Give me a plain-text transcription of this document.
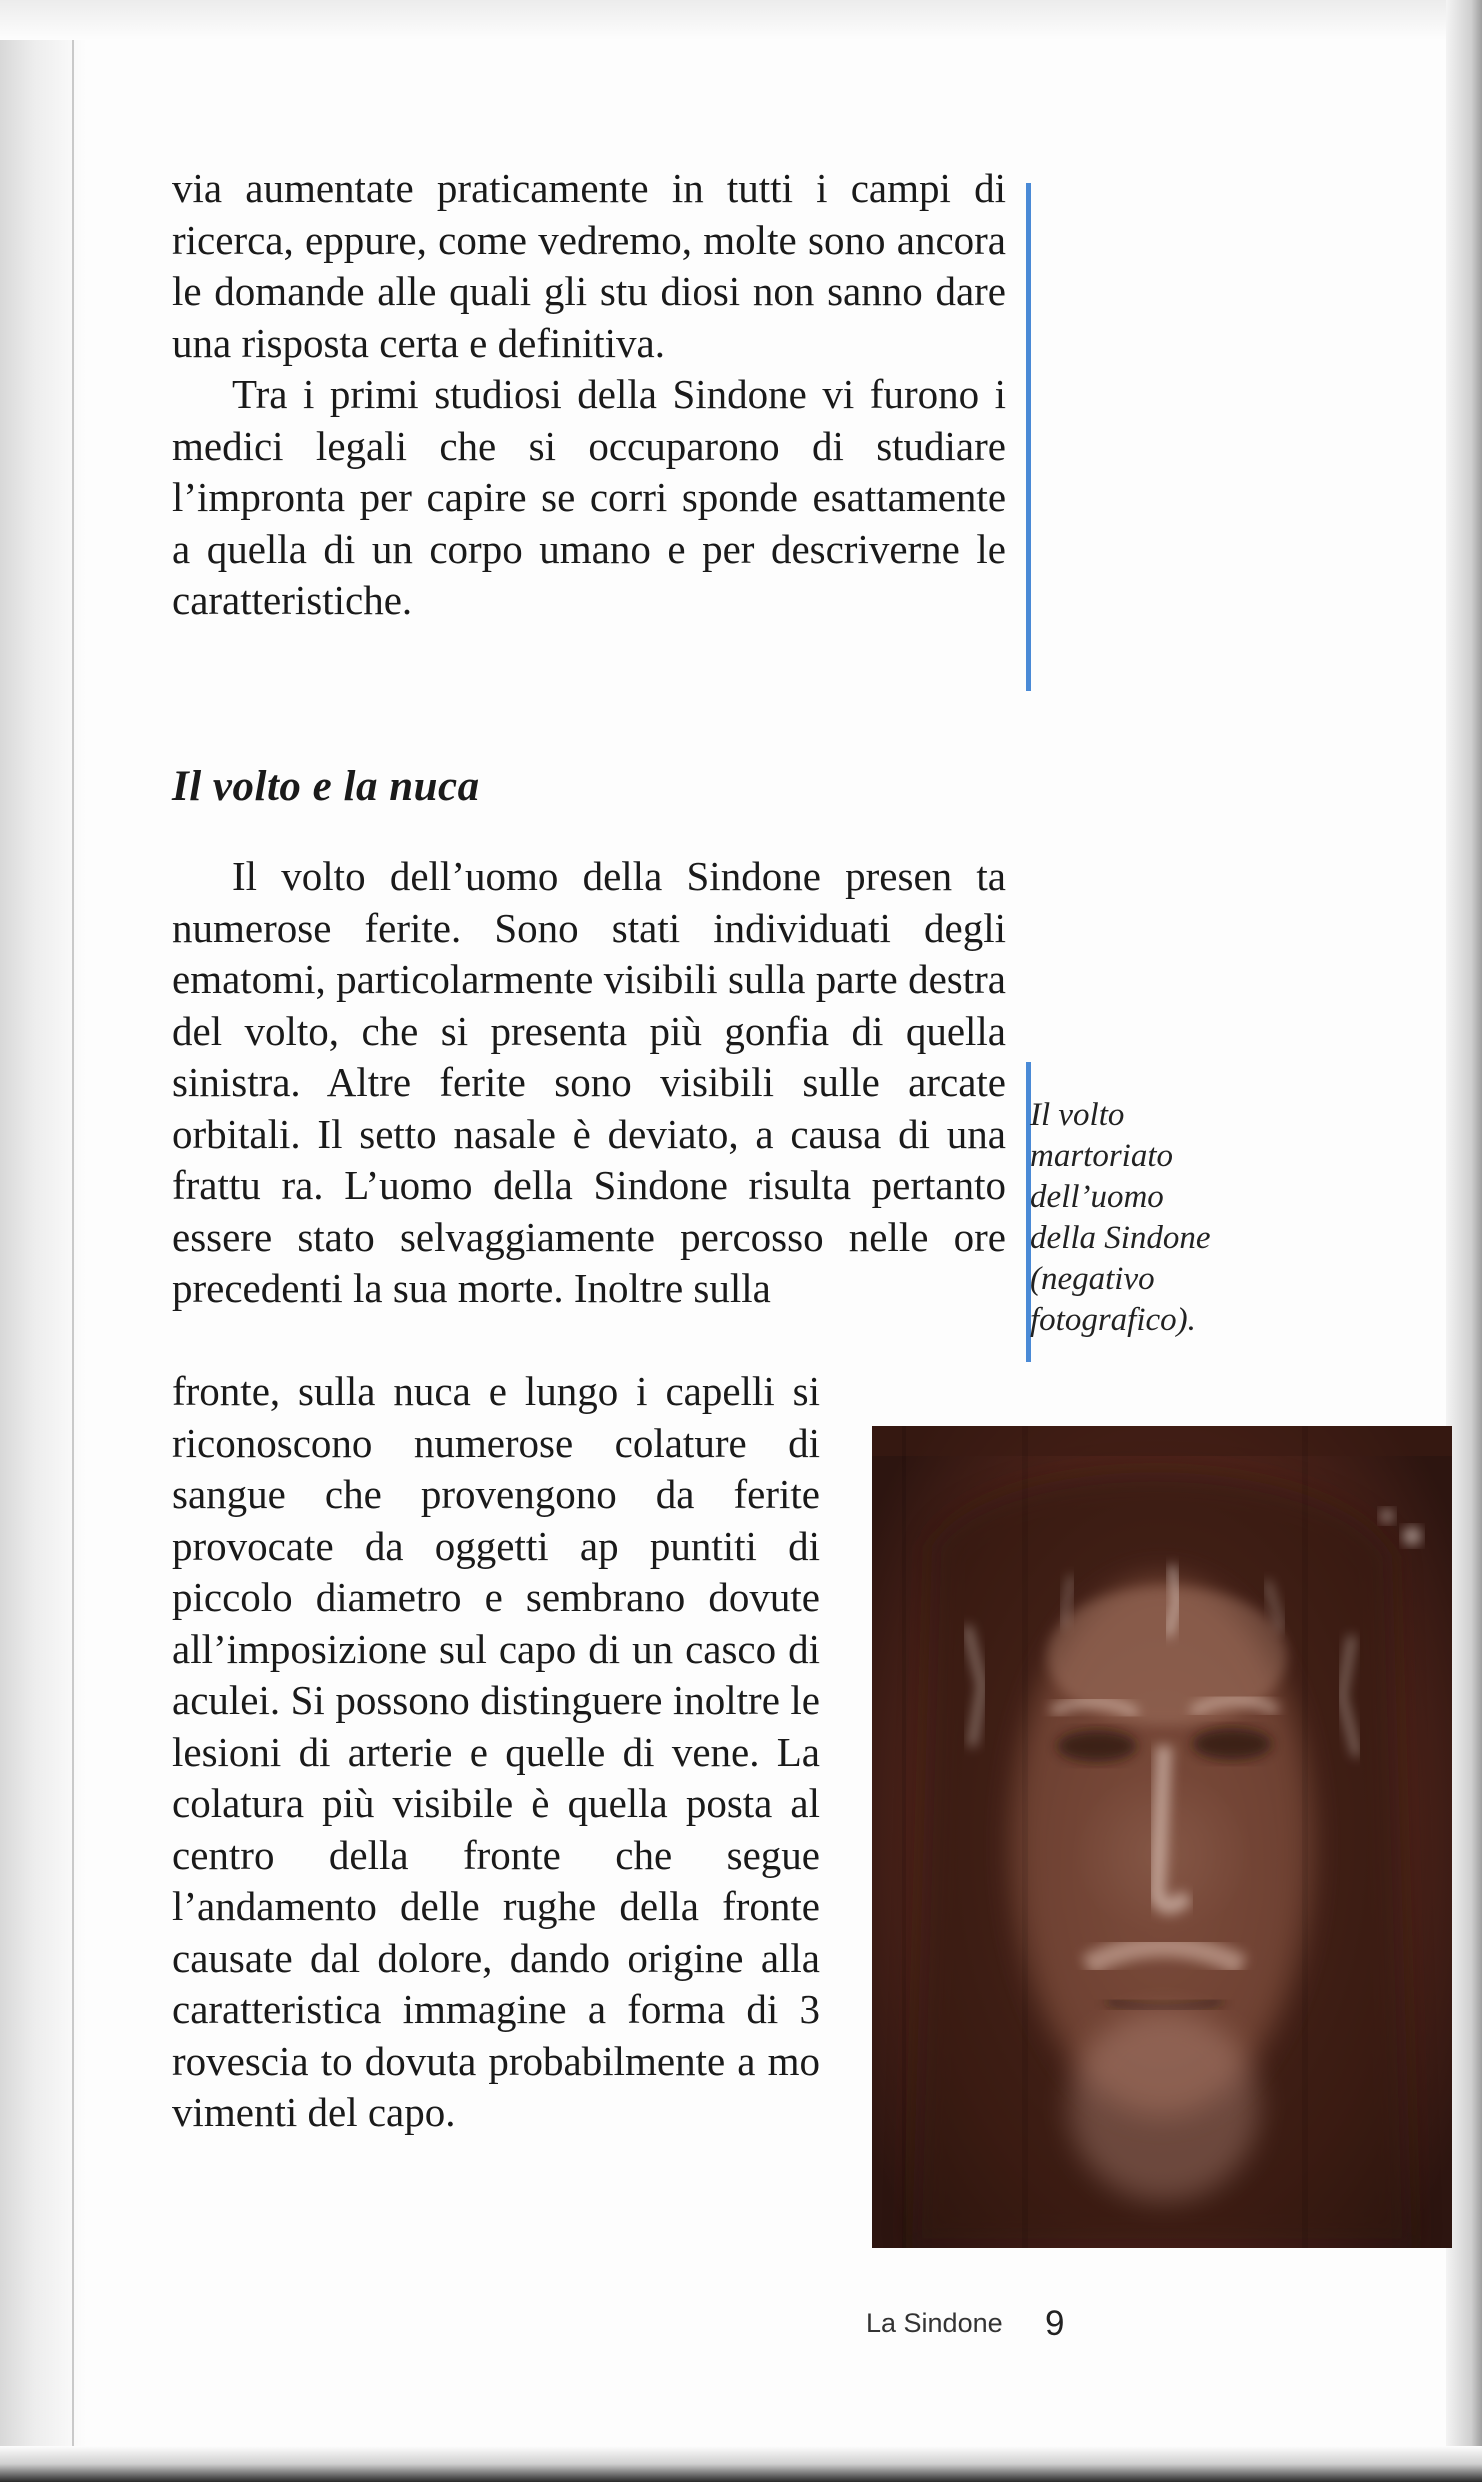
via aumentate praticamente in tutti i campi di ricerca, eppure, come vedremo, molte sono ancora le domande alle quali gli stu diosi non sanno dare una risposta certa e definitiva.

Tra i primi studiosi della Sindone vi furono i medici legali che si occuparono di studiare l’impronta per capire se corri sponde esattamente a quella di un corpo umano e per descriverne le caratteristiche.

Il volto e la nuca

Il volto dell’uomo della Sindone presen ta numerose ferite. Sono stati individuati degli ematomi, particolarmente visibili sulla parte destra del volto, che si presenta più gonfia di quella sinistra. Altre ferite sono visibili sulle arcate orbitali. Il setto nasale è deviato, a causa di una frattu ra. L’uomo della Sindone risulta pertanto essere stato selvaggiamente percosso nelle ore precedenti la sua morte. Inoltre sulla

Il volto
martoriato
dell’uomo
della Sindone
(negativo
fotografico).

fronte, sulla nuca e lungo i capelli si riconoscono numerose colature di sangue che provengono da ferite provocate da oggetti ap puntiti di piccolo diametro e sembrano dovute all’imposizione sul capo di un casco di aculei. Si possono distinguere inoltre le lesioni di arterie e quelle di vene. La colatura più visibile è quella posta al centro della fronte che segue l’andamento delle rughe della fronte causate dal dolore, dando origine alla caratteristica immagine a forma di 3 rovescia to dovuta probabilmente a mo vimenti del capo.

La Sindone 9
